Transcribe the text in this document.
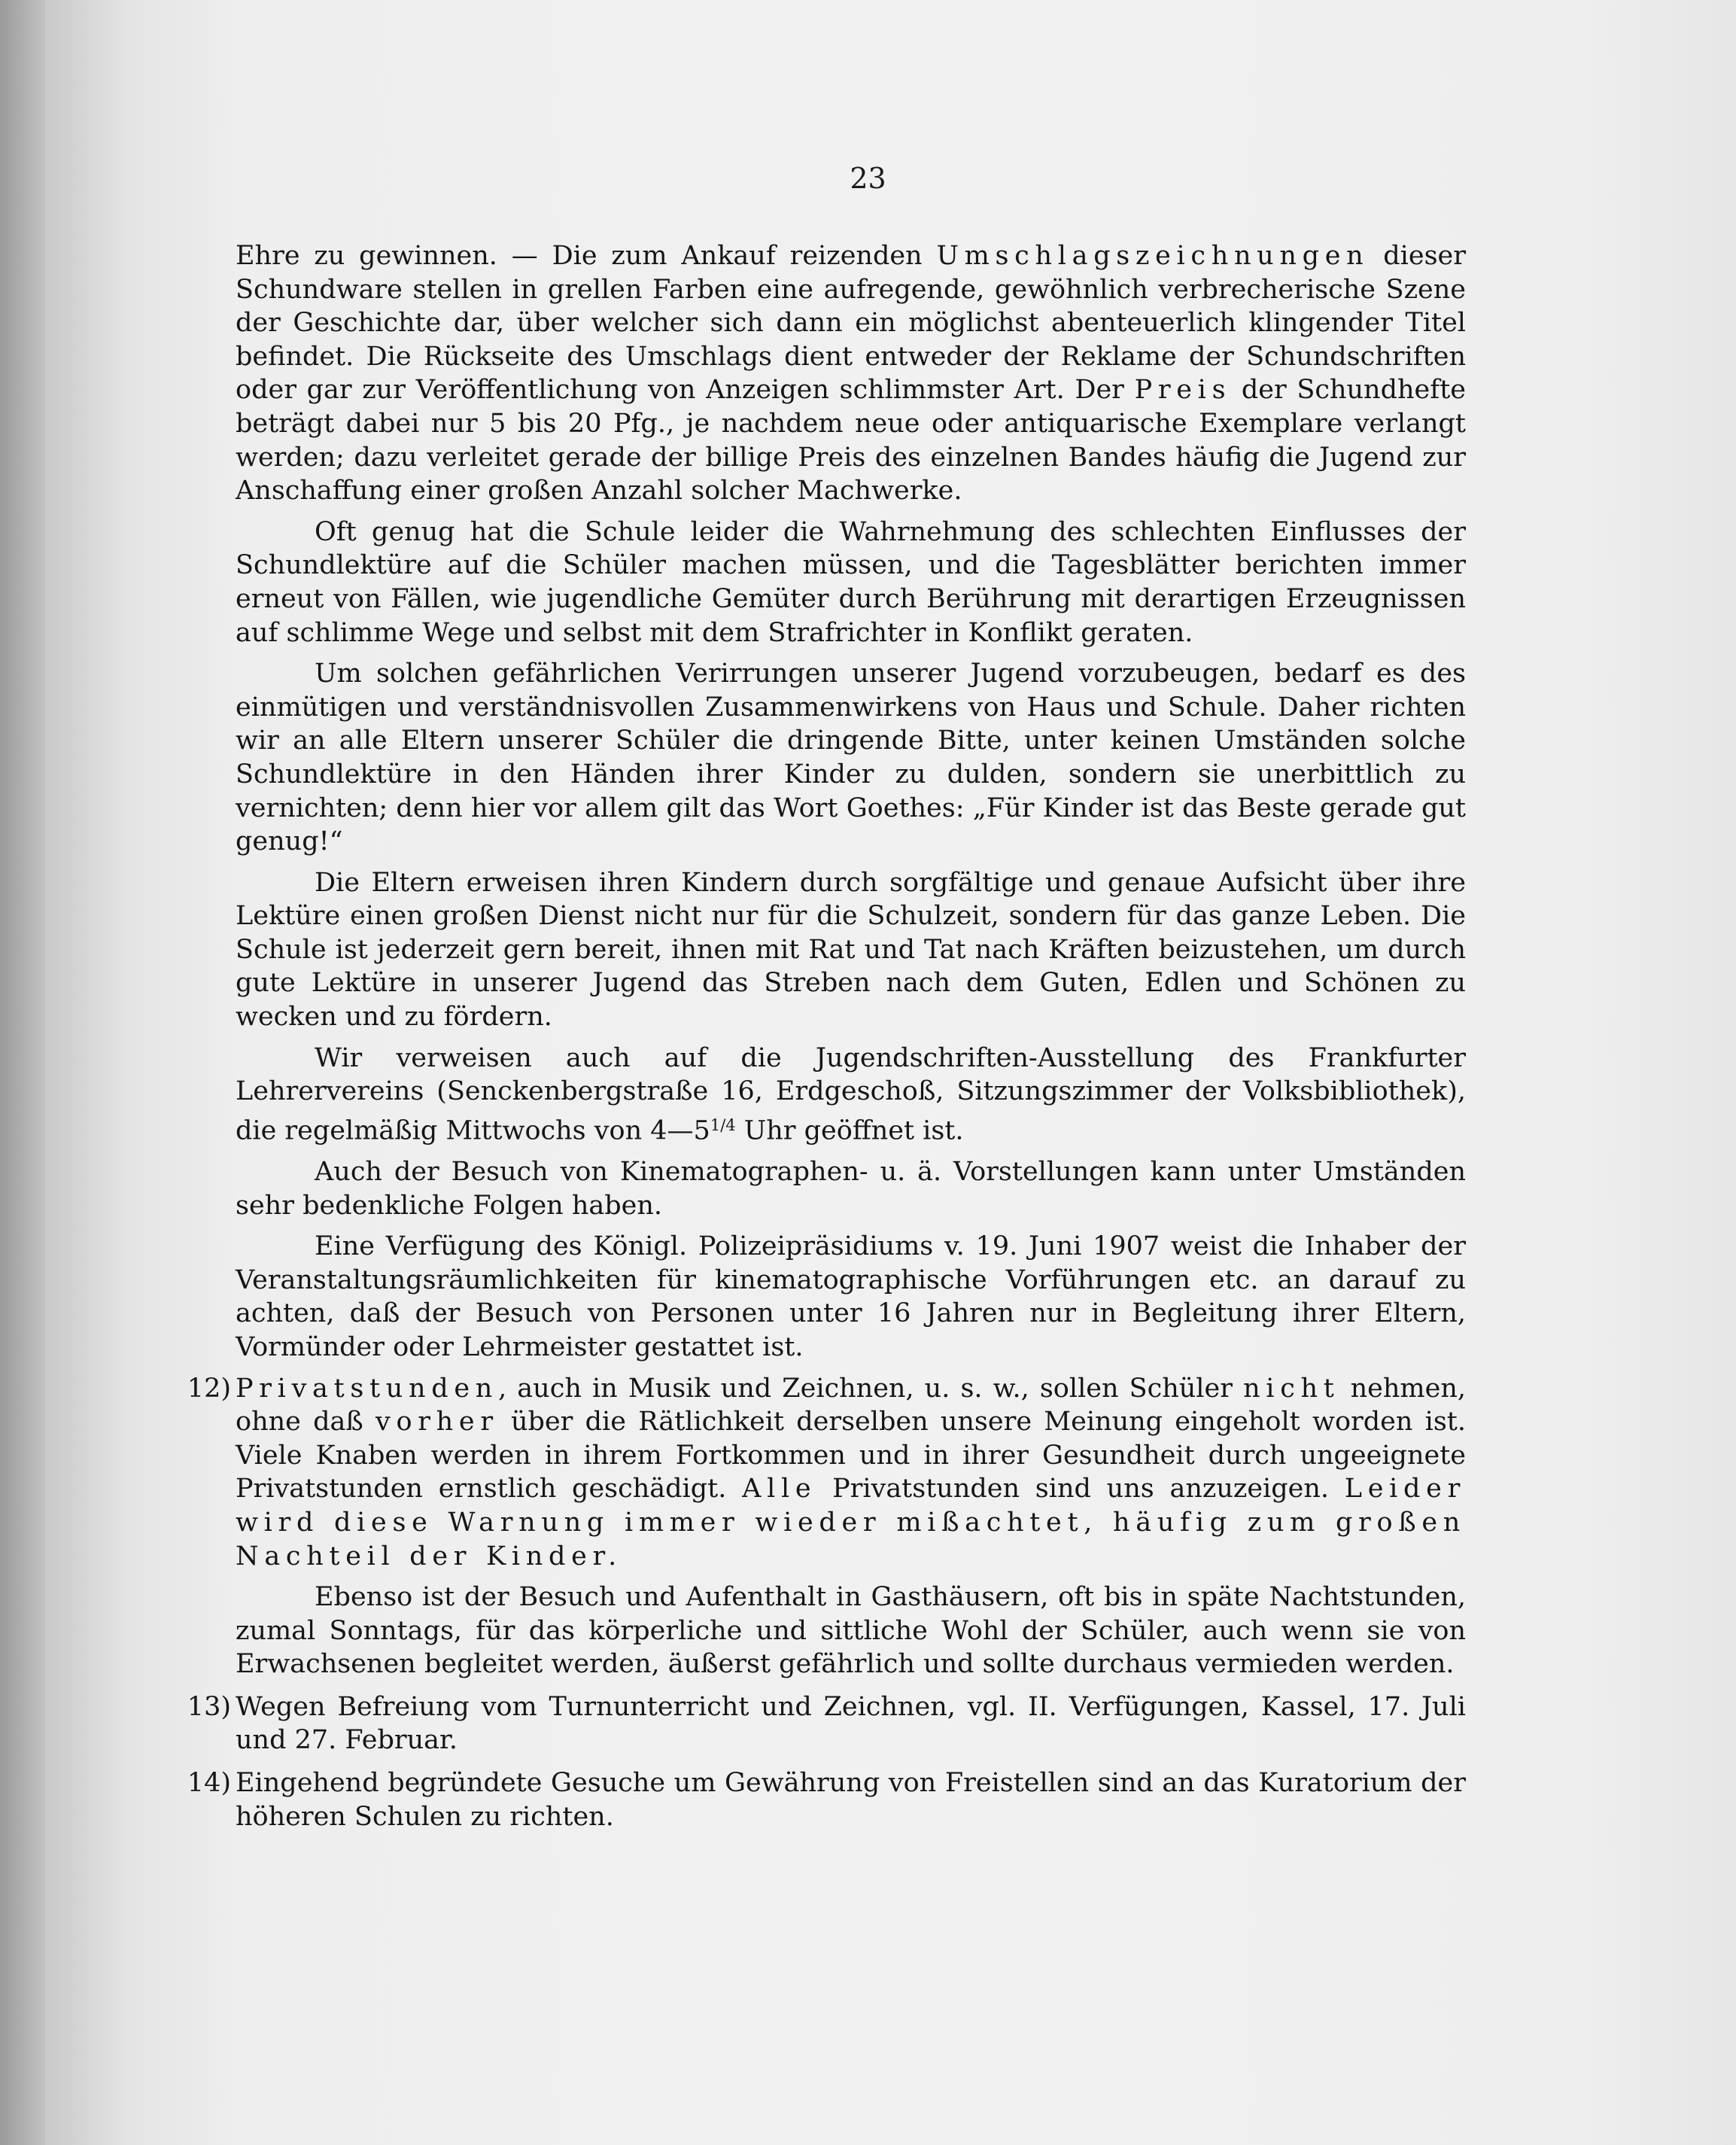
23

Ehre zu gewinnen. — Die zum Ankauf reizenden Umschlagszeichnungen dieser Schundware stellen in grellen Farben eine aufregende, gewöhnlich verbrecherische Szene der Geschichte dar, über welcher sich dann ein möglichst abenteuerlich klingender Titel befindet. Die Rückseite des Umschlags dient entweder der Reklame der Schundschriften oder gar zur Veröffentlichung von Anzeigen schlimmster Art. Der Preis der Schundhefte beträgt dabei nur 5 bis 20 Pfg., je nachdem neue oder antiquarische Exemplare verlangt werden; dazu verleitet gerade der billige Preis des einzelnen Bandes häufig die Jugend zur Anschaffung einer großen Anzahl solcher Machwerke.

Oft genug hat die Schule leider die Wahrnehmung des schlechten Einflusses der Schundlektüre auf die Schüler machen müssen, und die Tagesblätter berichten immer erneut von Fällen, wie jugendliche Gemüter durch Berührung mit derartigen Erzeugnissen auf schlimme Wege und selbst mit dem Strafrichter in Konflikt geraten.

Um solchen gefährlichen Verirrungen unserer Jugend vorzubeugen, bedarf es des einmütigen und verständnisvollen Zusammenwirkens von Haus und Schule. Daher richten wir an alle Eltern unserer Schüler die dringende Bitte, unter keinen Umständen solche Schundlektüre in den Händen ihrer Kinder zu dulden, sondern sie unerbittlich zu vernichten; denn hier vor allem gilt das Wort Goethes: „Für Kinder ist das Beste gerade gut genug!“

Die Eltern erweisen ihren Kindern durch sorgfältige und genaue Aufsicht über ihre Lektüre einen großen Dienst nicht nur für die Schulzeit, sondern für das ganze Leben. Die Schule ist jederzeit gern bereit, ihnen mit Rat und Tat nach Kräften beizustehen, um durch gute Lektüre in unserer Jugend das Streben nach dem Guten, Edlen und Schönen zu wecken und zu fördern.

Wir verweisen auch auf die Jugendschriften-Ausstellung des Frankfurter Lehrervereins (Senckenbergstraße 16, Erdgeschoß, Sitzungszimmer der Volksbibliothek), die regelmäßig Mittwochs von $4—5^{1/4}$ Uhr geöffnet ist.

Auch der Besuch von Kinematographen- u. ä. Vorstellungen kann unter Umständen sehr bedenkliche Folgen haben.

Eine Verfügung des Königl. Polizeipräsidiums v. 19. Juni 1907 weist die Inhaber der Veranstaltungsräumlichkeiten für kinematographische Vorführungen etc. an darauf zu achten, daß der Besuch von Personen unter 16 Jahren nur in Begleitung ihrer Eltern, Vormünder oder Lehrmeister gestattet ist.

12) Privatstunden, auch in Musik und Zeichnen, u. s. w., sollen Schüler nicht nehmen, ohne daß vorher über die Rätlichkeit derselben unsere Meinung eingeholt worden ist. Viele Knaben werden in ihrem Fortkommen und in ihrer Gesundheit durch ungeeignete Privatstunden ernstlich geschädigt. Alle Privatstunden sind uns anzuzeigen. Leider wird diese Warnung immer wieder mißachtet, häufig zum großen Nachteil der Kinder.

Ebenso ist der Besuch und Aufenthalt in Gasthäusern, oft bis in späte Nachtstunden, zumal Sonntags, für das körperliche und sittliche Wohl der Schüler, auch wenn sie von Erwachsenen begleitet werden, äußerst gefährlich und sollte durchaus vermieden werden.

13) Wegen Befreiung vom Turnunterricht und Zeichnen, vgl. II. Verfügungen, Kassel, 17. Juli und 27. Februar.

14) Eingehend begründete Gesuche um Gewährung von Freistellen sind an das Kuratorium der höheren Schulen zu richten.
